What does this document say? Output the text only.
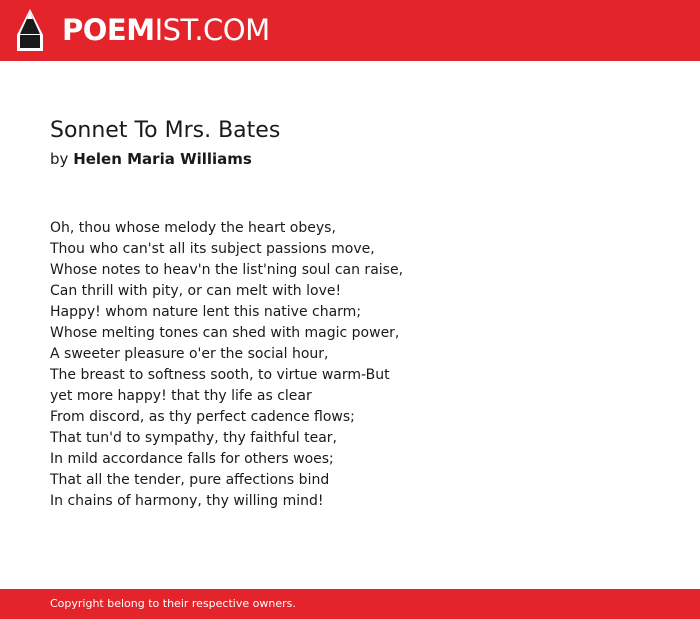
POEMIST.COM
Sonnet To Mrs. Bates
by Helen Maria Williams
Oh, thou whose melody the heart obeys,
Thou who can'st all its subject passions move,
Whose notes to heav'n the list'ning soul can raise,
Can thrill with pity, or can melt with love!
Happy! whom nature lent this native charm;
Whose melting tones can shed with magic power,
A sweeter pleasure o'er the social hour,
The breast to softness sooth, to virtue warm-But
yet more happy! that thy life as clear
From discord, as thy perfect cadence flows;
That tun'd to sympathy, thy faithful tear,
In mild accordance falls for others woes;
That all the tender, pure affections bind
In chains of harmony, thy willing mind!
Copyright belong to their respective owners.
